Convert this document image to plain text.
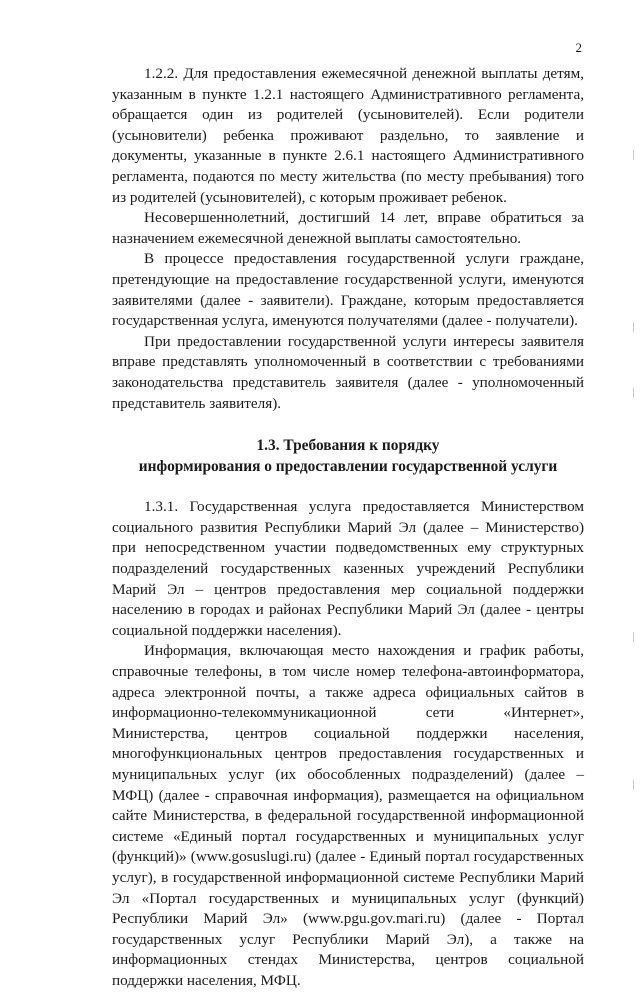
2

1.2.2. Для предоставления ежемесячной денежной выплаты детям, указанным в пункте 1.2.1 настоящего Административного регламента, обращается один из родителей (усыновителей). Если родители (усыновители) ребенка проживают раздельно, то заявление и документы, указанные в пункте 2.6.1 настоящего Административного регламента, подаются по месту жительства (по месту пребывания) того из родителей (усыновителей), с которым проживает ребенок.

Несовершеннолетний, достигший 14 лет, вправе обратиться за назначением ежемесячной денежной выплаты самостоятельно.

В процессе предоставления государственной услуги граждане, претендующие на предоставление государственной услуги, именуются заявителями (далее - заявители). Граждане, которым предоставляется государственная услуга, именуются получателями (далее - получатели).

При предоставлении государственной услуги интересы заявителя вправе представлять уполномоченный в соответствии с требованиями законодательства представитель заявителя (далее - уполномоченный представитель заявителя).

1.3. Требования к порядку
информирования о предоставлении государственной услуги

1.3.1. Государственная услуга предоставляется Министерством социального развития Республики Марий Эл (далее – Министерство) при непосредственном участии подведомственных ему структурных подразделений государственных казенных учреждений Республики Марий Эл – центров предоставления мер социальной поддержки населению в городах и районах Республики Марий Эл (далее - центры социальной поддержки населения).

Информация, включающая место нахождения и график работы, справочные телефоны, в том числе номер телефона-автоинформатора, адреса электронной почты, а также адреса официальных сайтов в информационно-телекоммуникационной сети «Интернет», Министерства, центров социальной поддержки населения, многофункциональных центров предоставления государственных и муниципальных услуг (их обособленных подразделений) (далее – МФЦ) (далее - справочная информация), размещается на официальном сайте Министерства, в федеральной государственной информационной системе «Единый портал государственных и муниципальных услуг (функций)» (www.gosuslugi.ru) (далее - Единый портал государственных услуг), в государственной информационной системе Республики Марий Эл «Портал государственных и муниципальных услуг (функций) Республики Марий Эл» (www.pgu.gov.mari.ru) (далее - Портал государственных услуг Республики Марий Эл), а также на информационных стендах Министерства, центров социальной поддержки населения, МФЦ.
